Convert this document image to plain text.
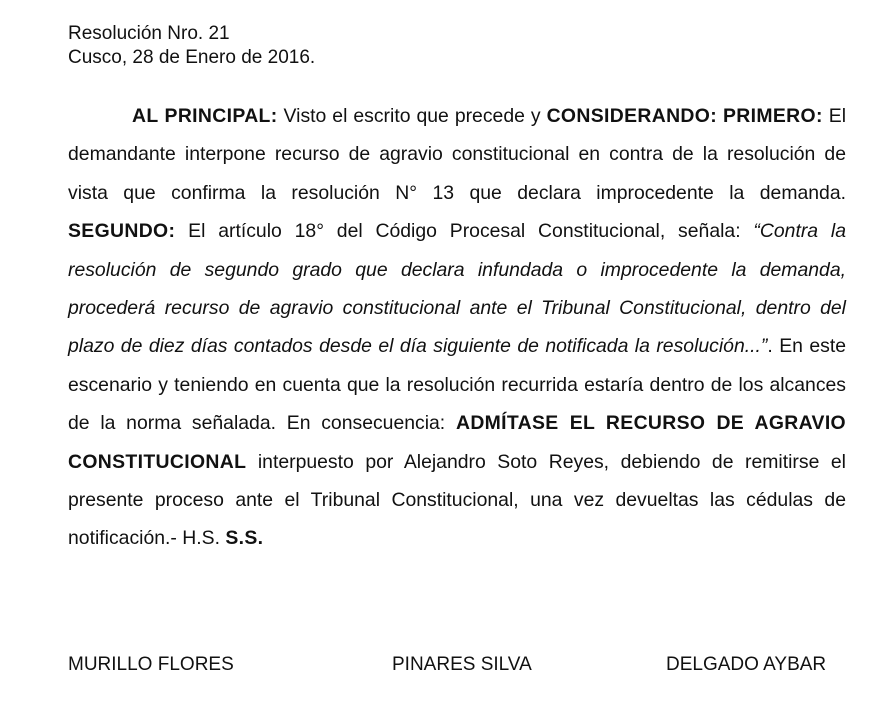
Resolución Nro. 21
Cusco, 28 de Enero de 2016.

AL PRINCIPAL: Visto el escrito que precede y CONSIDERANDO: PRIMERO: El demandante interpone recurso de agravio constitucional en contra de la resolución de vista que confirma la resolución N° 13 que declara improcedente la demanda. SEGUNDO: El artículo 18° del Código Procesal Constitucional, señala: “Contra la resolución de segundo grado que declara infundada o improcedente la demanda, procederá recurso de agravio constitucional ante el Tribunal Constitucional, dentro del plazo de diez días contados desde el día siguiente de notificada la resolución...”. En este escenario y teniendo en cuenta que la resolución recurrida estaría dentro de los alcances de la norma señalada. En consecuencia: ADMÍTASE EL RECURSO DE AGRAVIO CONSTITUCIONAL interpuesto por Alejandro Soto Reyes, debiendo de remitirse el presente proceso ante el Tribunal Constitucional, una vez devueltas las cédulas de notificación.- H.S. S.S.

MURILLO FLORES	PINARES SILVA	DELGADO AYBAR
